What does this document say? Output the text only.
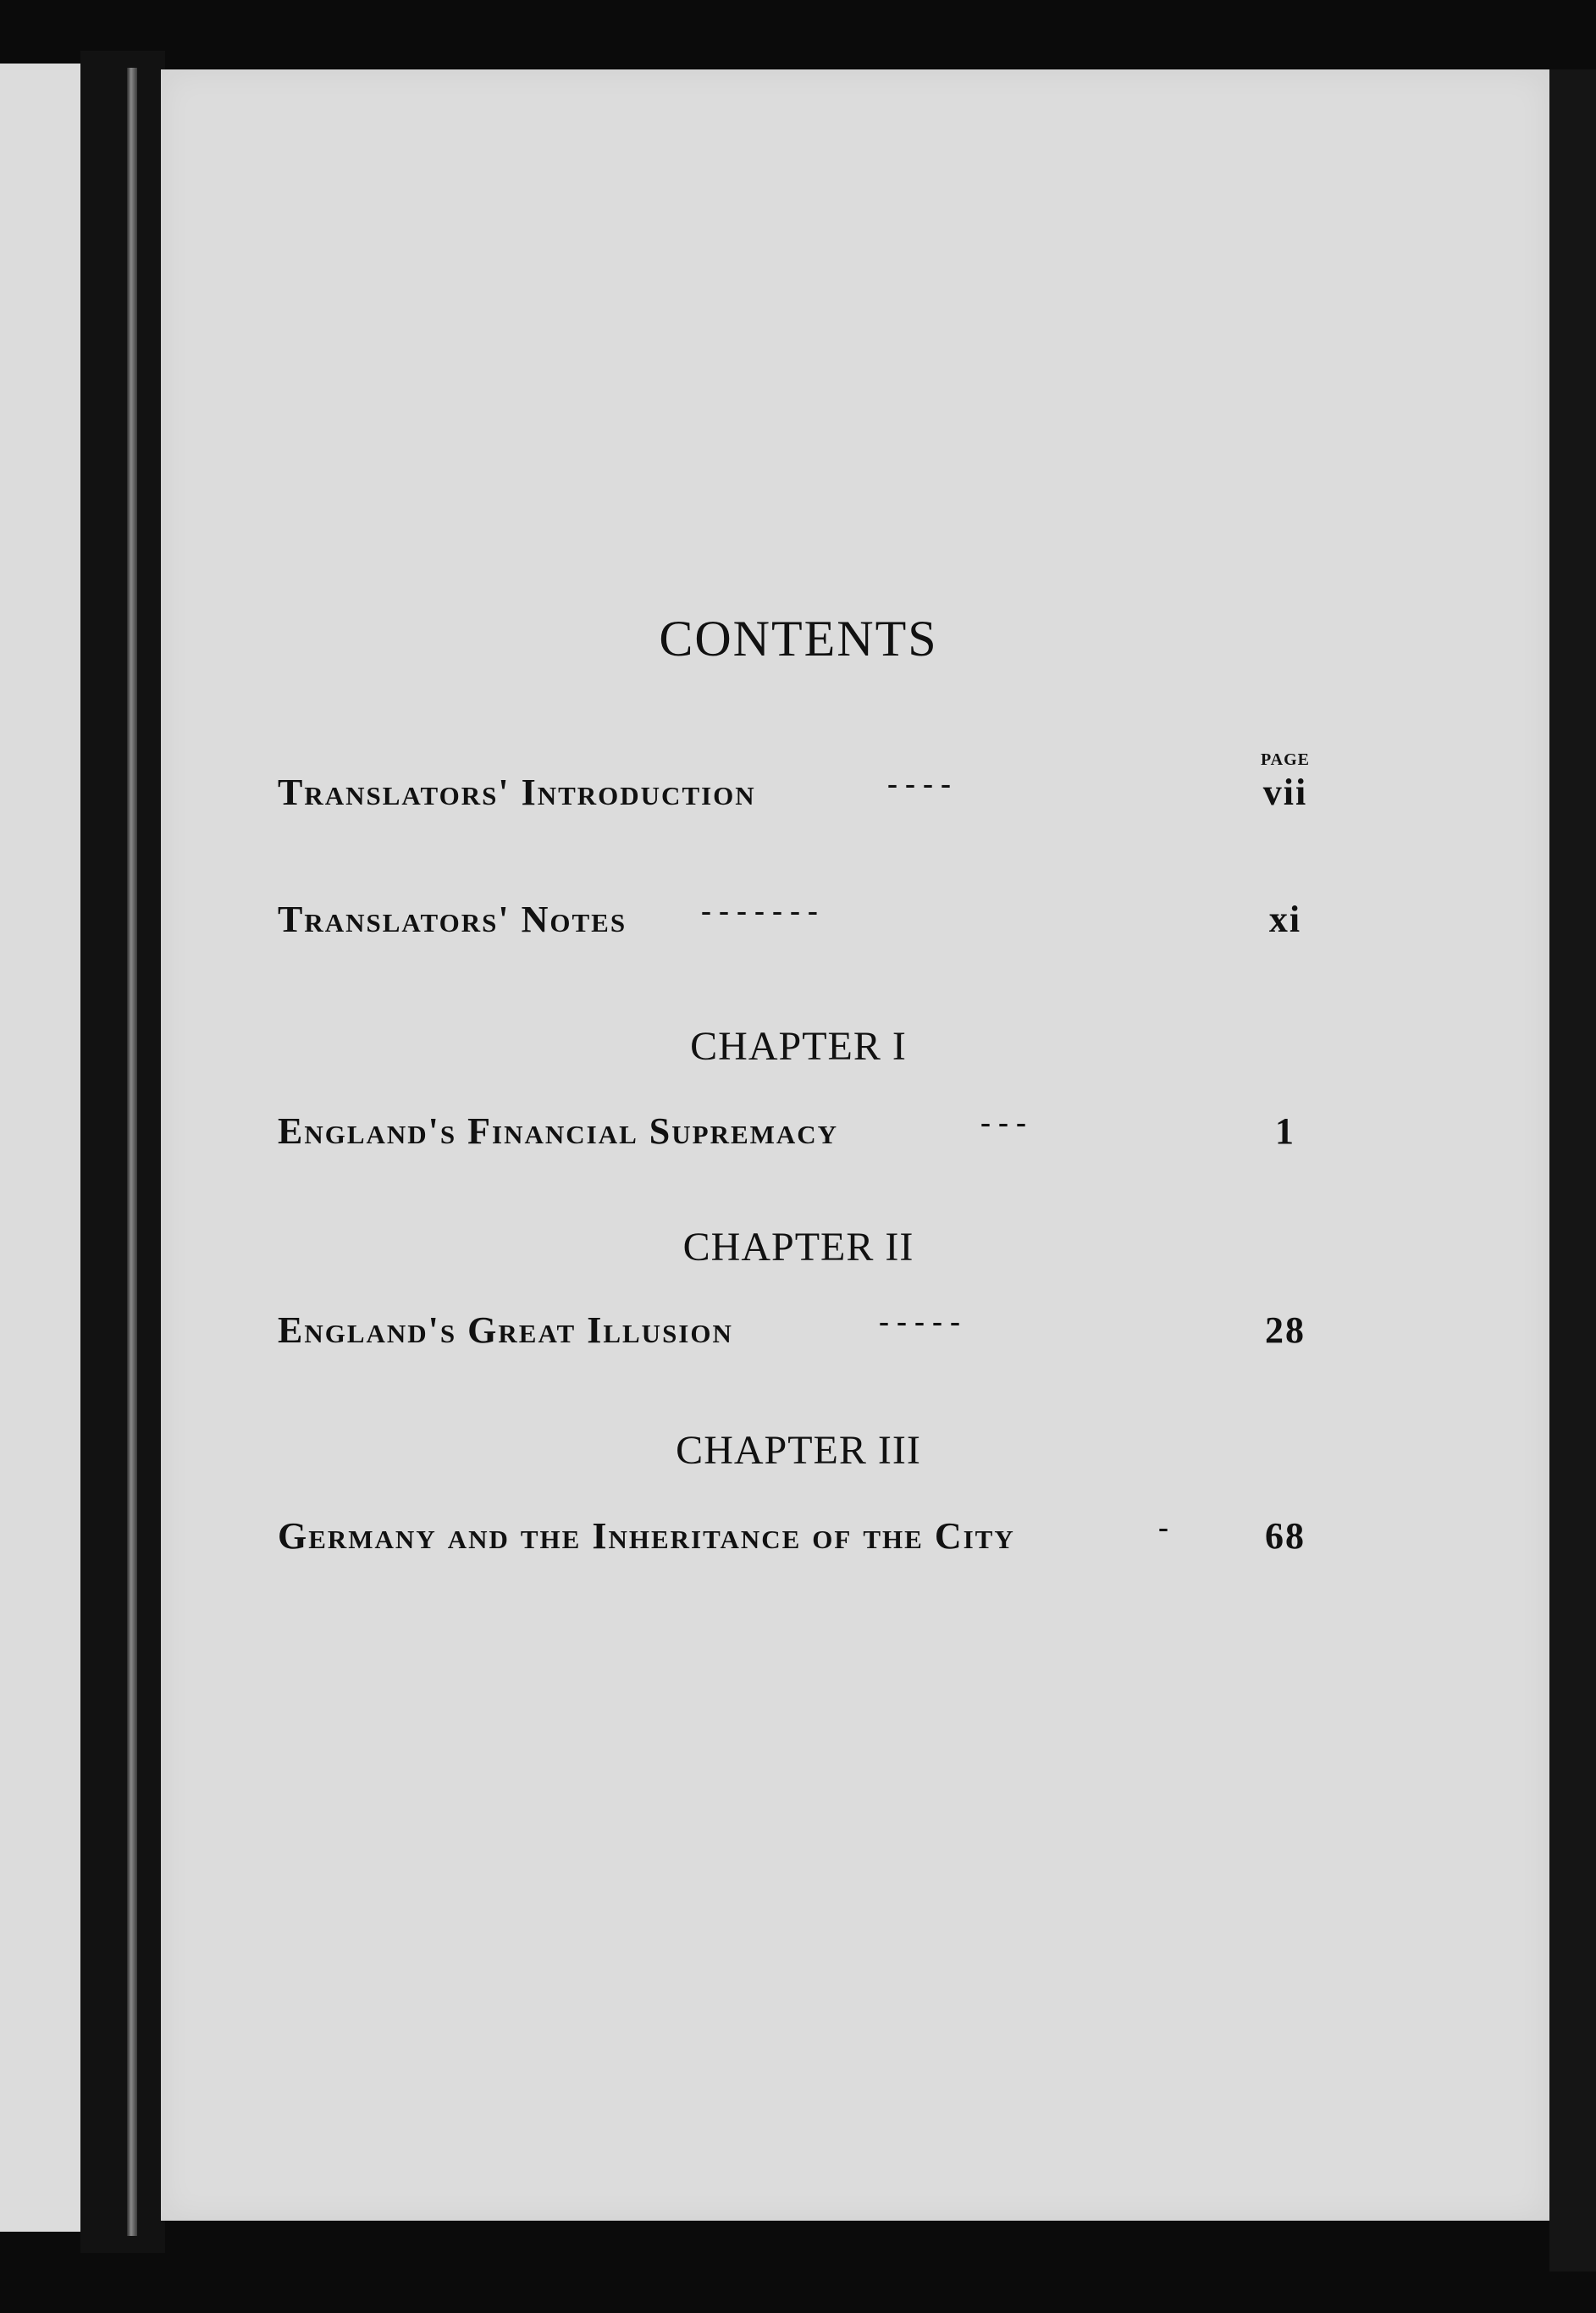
CONTENTS
PAGE
Translators' Introduction	- - - -	vii
Translators' Notes - - - - - - -	xi
CHAPTER I
England's Financial Supremacy	- - -	1
CHAPTER II
England's Great Illusion	- - - - -	28
CHAPTER III
Germany and the Inheritance of the City	-	68
